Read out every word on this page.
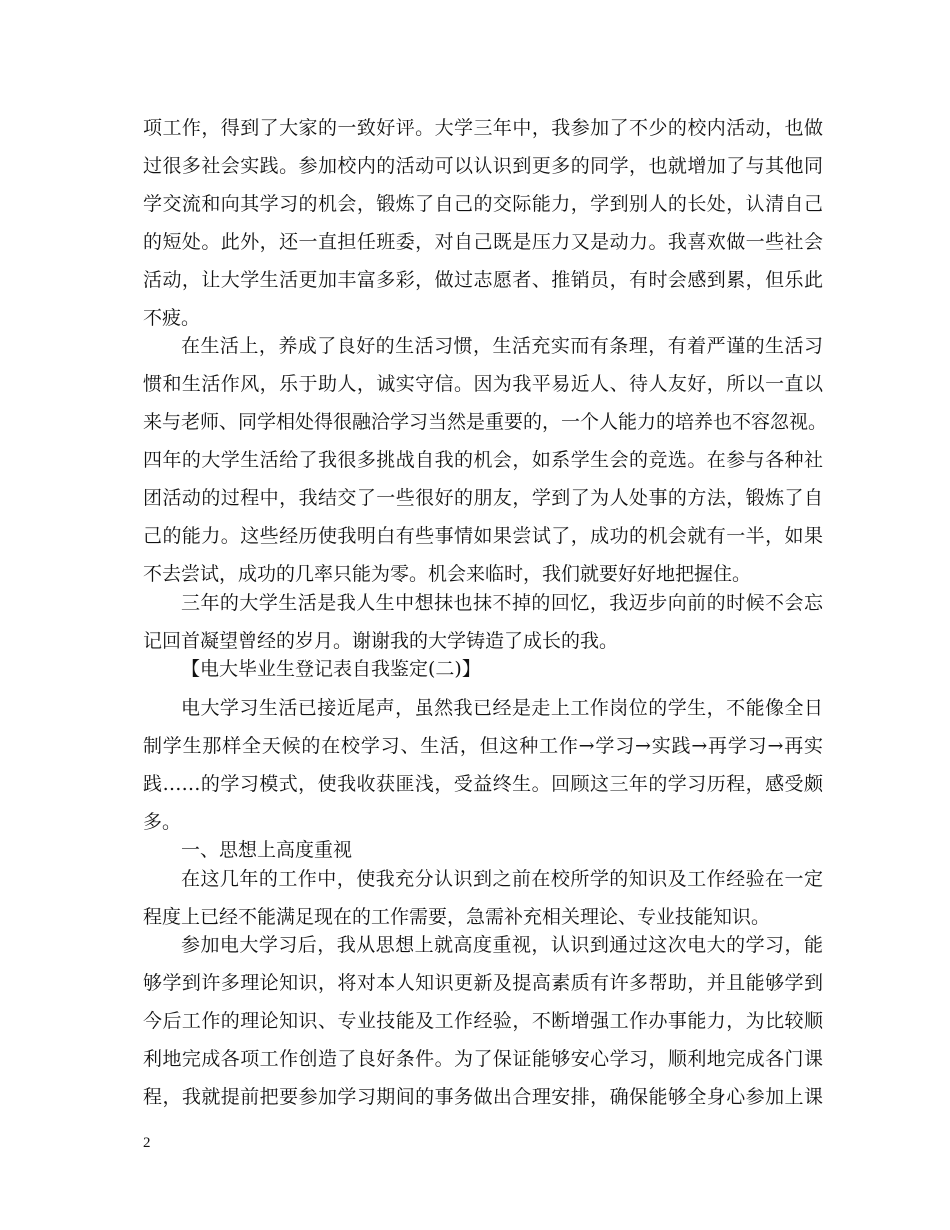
项工作，得到了大家的一致好评。大学三年中，我参加了不少的校内活动，也做
过很多社会实践。参加校内的活动可以认识到更多的同学，也就增加了与其他同
学交流和向其学习的机会，锻炼了自己的交际能力，学到别人的长处，认清自己
的短处。此外，还一直担任班委，对自己既是压力又是动力。我喜欢做一些社会
活动，让大学生活更加丰富多彩，做过志愿者、推销员，有时会感到累，但乐此
不疲。
在生活上，养成了良好的生活习惯，生活充实而有条理，有着严谨的生活习
惯和生活作风，乐于助人，诚实守信。因为我平易近人、待人友好，所以一直以
来与老师、同学相处得很融洽学习当然是重要的，一个人能力的培养也不容忽视。
四年的大学生活给了我很多挑战自我的机会，如系学生会的竞选。在参与各种社
团活动的过程中，我结交了一些很好的朋友，学到了为人处事的方法，锻炼了自
己的能力。这些经历使我明白有些事情如果尝试了，成功的机会就有一半，如果
不去尝试，成功的几率只能为零。机会来临时，我们就要好好地把握住。
三年的大学生活是我人生中想抹也抹不掉的回忆，我迈步向前的时候不会忘
记回首凝望曾经的岁月。谢谢我的大学铸造了成长的我。
【电大毕业生登记表自我鉴定(二)】
电大学习生活已接近尾声，虽然我已经是走上工作岗位的学生，不能像全日
制学生那样全天候的在校学习、生活，但这种工作→学习→实践→再学习→再实
践……的学习模式，使我收获匪浅，受益终生。回顾这三年的学习历程，感受颇
多。
一、思想上高度重视
在这几年的工作中，使我充分认识到之前在校所学的知识及工作经验在一定
程度上已经不能满足现在的工作需要，急需补充相关理论、专业技能知识。
参加电大学习后，我从思想上就高度重视，认识到通过这次电大的学习，能
够学到许多理论知识，将对本人知识更新及提高素质有许多帮助，并且能够学到
今后工作的理论知识、专业技能及工作经验，不断增强工作办事能力，为比较顺
利地完成各项工作创造了良好条件。为了保证能够安心学习，顺利地完成各门课
程，我就提前把要参加学习期间的事务做出合理安排，确保能够全身心参加上课
2
